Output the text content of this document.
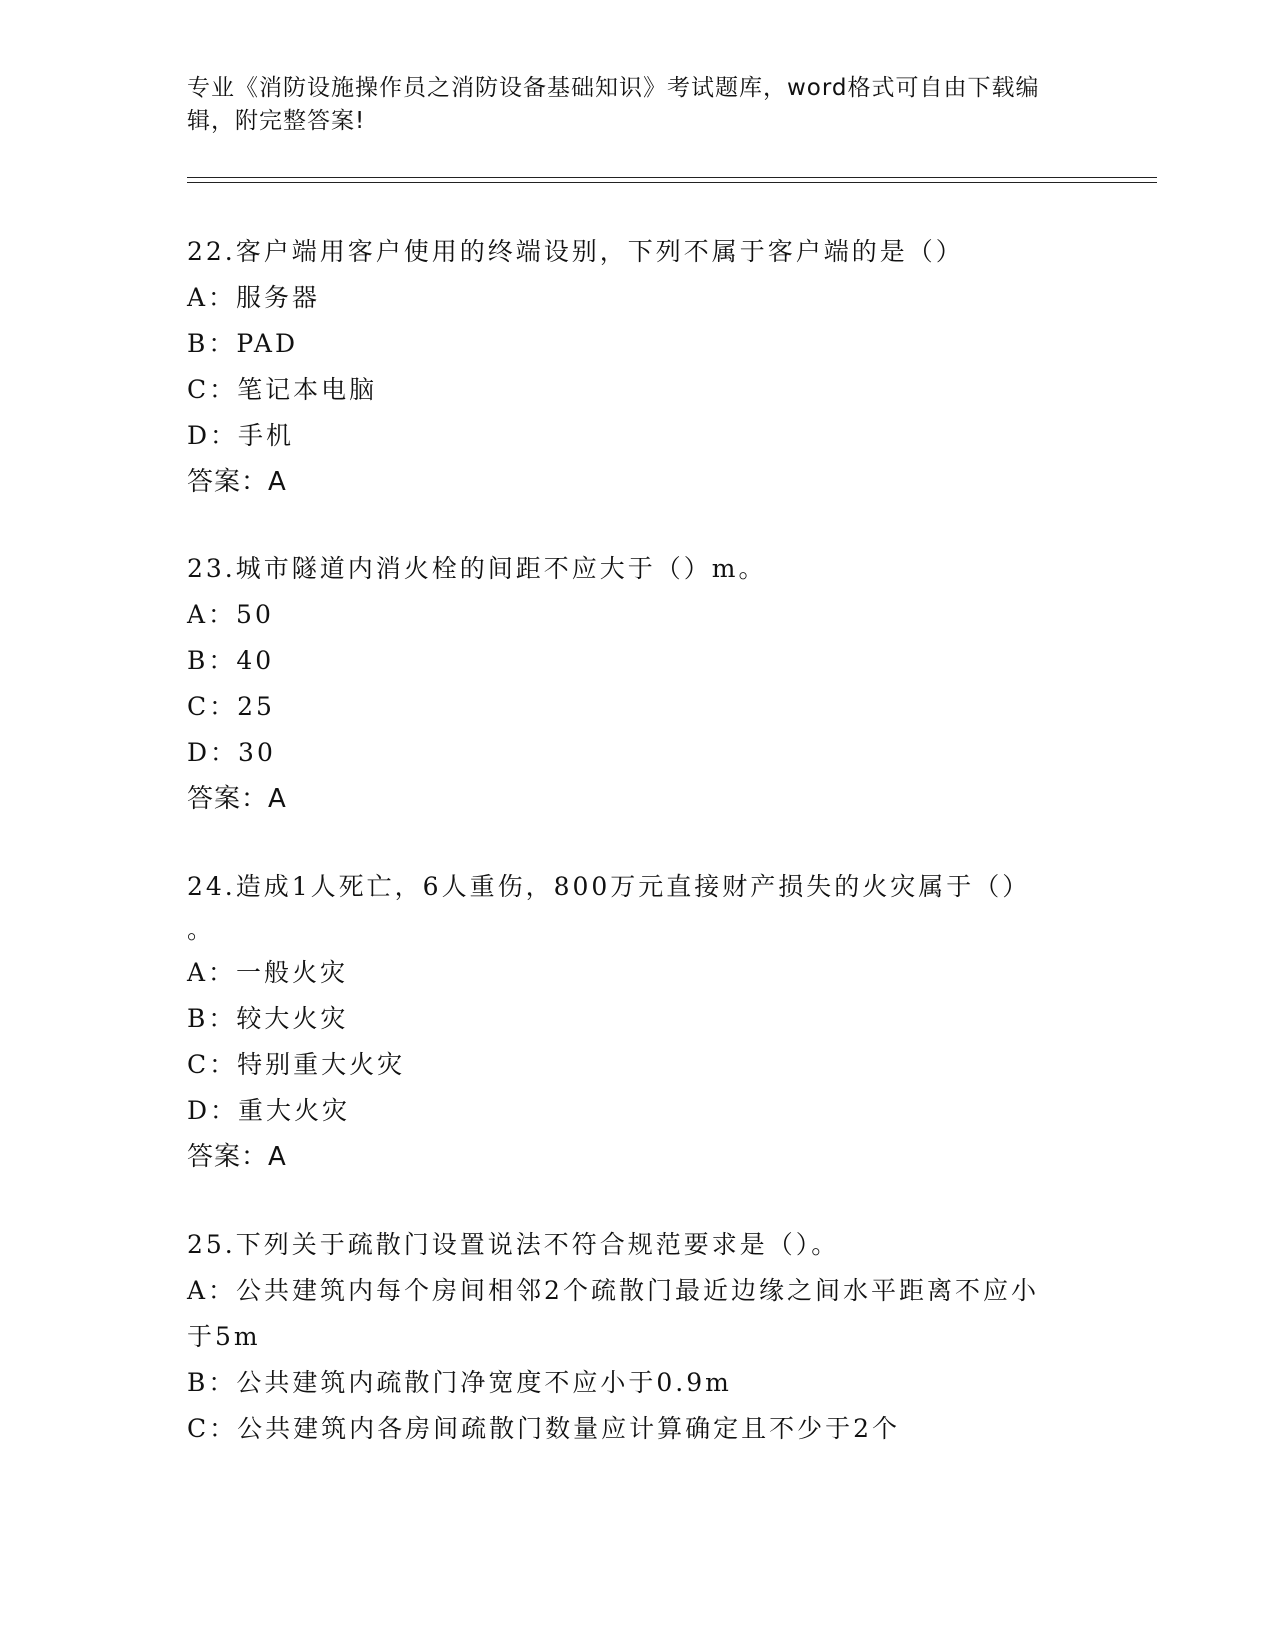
专业《消防设施操作员之消防设备基础知识》考试题库，word格式可自由下载编
辑，附完整答案!
22.客户端用客户使用的终端设别，下列不属于客户端的是（）
A：服务器
B：PAD
C：笔记本电脑
D：手机
答案：A
23.城市隧道内消火栓的间距不应大于（）m。
A：50
B：40
C：25
D：30
答案：A
24.造成1人死亡，6人重伤，800万元直接财产损失的火灾属于（）
。
A：一般火灾
B：较大火灾
C：特别重大火灾
D：重大火灾
答案：A
25.下列关于疏散门设置说法不符合规范要求是（）。
A：公共建筑内每个房间相邻2个疏散门最近边缘之间水平距离不应小
于5m
B：公共建筑内疏散门净宽度不应小于0.9m
C：公共建筑内各房间疏散门数量应计算确定且不少于2个
